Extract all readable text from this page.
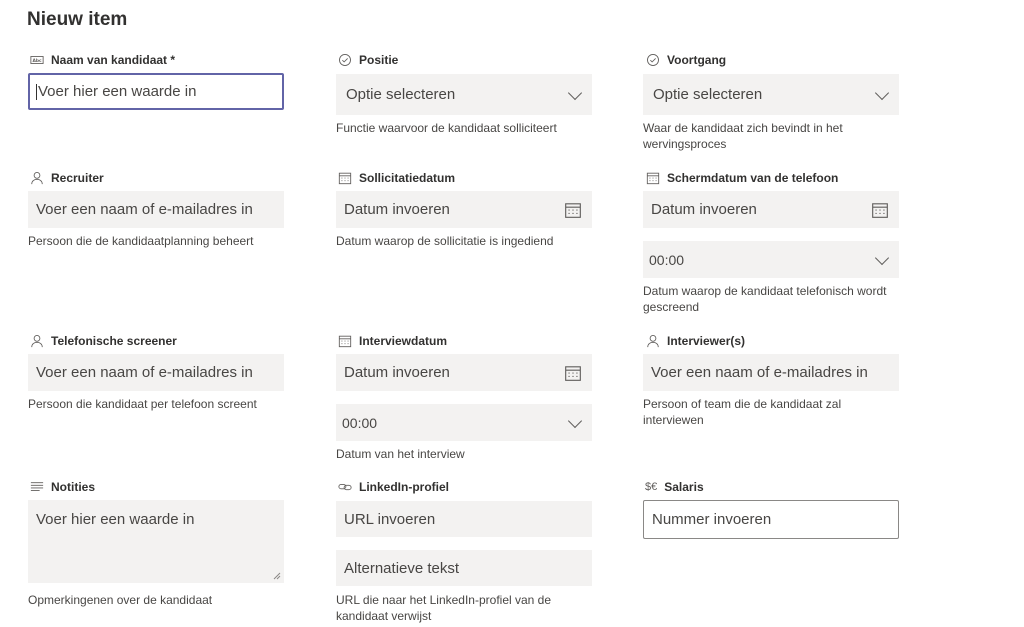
Nieuw item
Abc Naam van kandidaat *
Voer hier een waarde in
Recruiter
Voer een naam of e-mailadres in
Persoon die de kandidaatplanning beheert
Telefonische screener
Voer een naam of e-mailadres in
Persoon die kandidaat per telefoon screent
Notities
Voer hier een waarde in
Opmerkingenen over de kandidaat
Positie
Optie selecteren
Functie waarvoor de kandidaat solliciteert
Sollicitatiedatum
Datum invoeren
Datum waarop de sollicitatie is ingediend
Interviewdatum
Datum invoeren
00:00
Datum van het interview
LinkedIn-profiel
URL invoeren
Alternatieve tekst
URL die naar het LinkedIn-profiel van de kandidaat verwijst
Voortgang
Optie selecteren
Waar de kandidaat zich bevindt in het wervingsproces
Schermdatum van de telefoon
Datum invoeren
00:00
Datum waarop de kandidaat telefonisch wordt gescreend
Interviewer(s)
Voer een naam of e-mailadres in
Persoon of team die de kandidaat zal interviewen
$€ Salaris
Nummer invoeren
